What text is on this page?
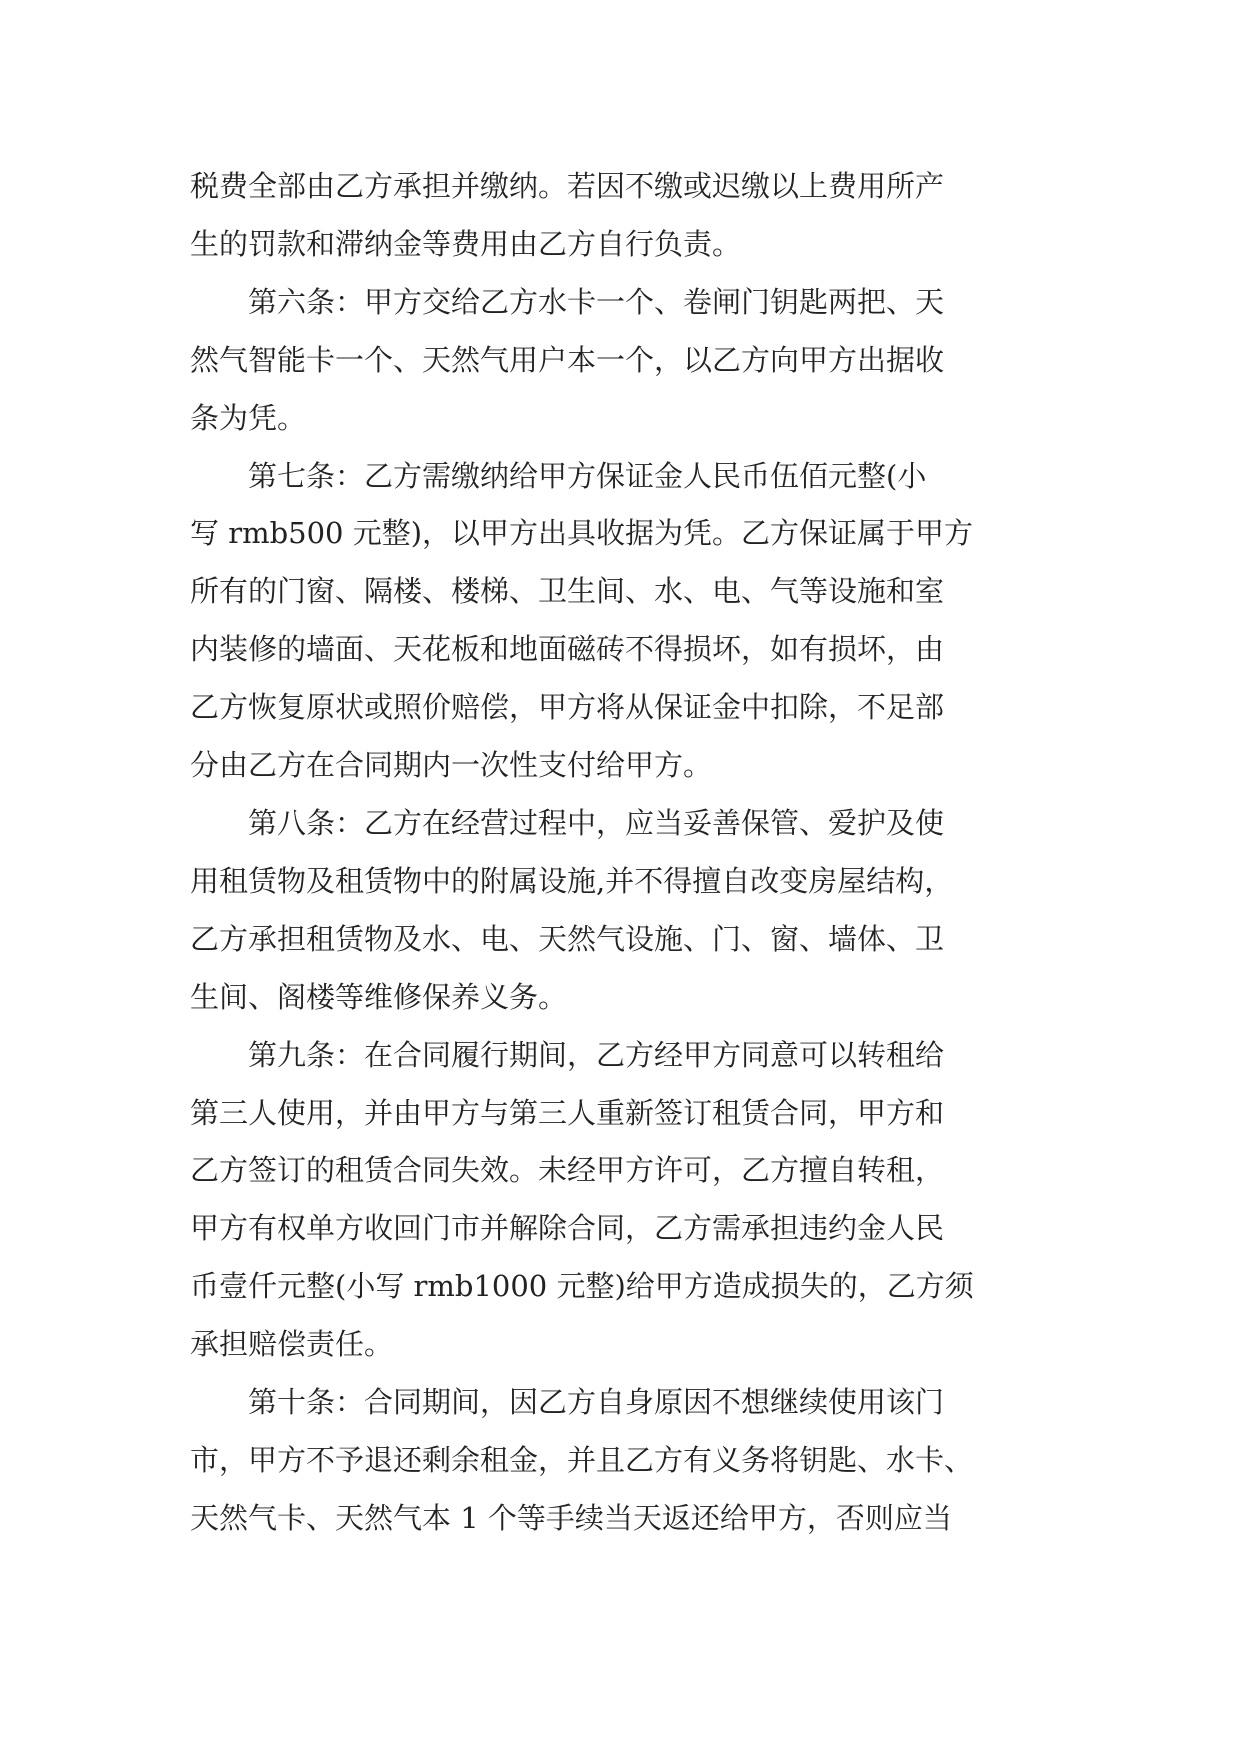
税费全部由乙方承担并缴纳。若因不缴或迟缴以上费用所产
生的罚款和滞纳金等费用由乙方自行负责。
　　第六条：甲方交给乙方水卡一个、卷闸门钥匙两把、天
然气智能卡一个、天然气用户本一个，以乙方向甲方出据收
条为凭。
　　第七条：乙方需缴纳给甲方保证金人民币伍佰元整(小
写 rmb500 元整)，以甲方出具收据为凭。乙方保证属于甲方
所有的门窗、隔楼、楼梯、卫生间、水、电、气等设施和室
内装修的墙面、天花板和地面磁砖不得损坏，如有损坏，由
乙方恢复原状或照价赔偿，甲方将从保证金中扣除，不足部
分由乙方在合同期内一次性支付给甲方。
　　第八条：乙方在经营过程中，应当妥善保管、爱护及使
用租赁物及租赁物中的附属设施,并不得擅自改变房屋结构，
乙方承担租赁物及水、电、天然气设施、门、窗、墙体、卫
生间、阁楼等维修保养义务。
　　第九条：在合同履行期间，乙方经甲方同意可以转租给
第三人使用，并由甲方与第三人重新签订租赁合同，甲方和
乙方签订的租赁合同失效。未经甲方许可，乙方擅自转租，
甲方有权单方收回门市并解除合同，乙方需承担违约金人民
币壹仟元整(小写 rmb1000 元整)给甲方造成损失的，乙方须
承担赔偿责任。
　　第十条：合同期间，因乙方自身原因不想继续使用该门
市，甲方不予退还剩余租金，并且乙方有义务将钥匙、水卡、
天然气卡、天然气本 1 个等手续当天返还给甲方，否则应当
